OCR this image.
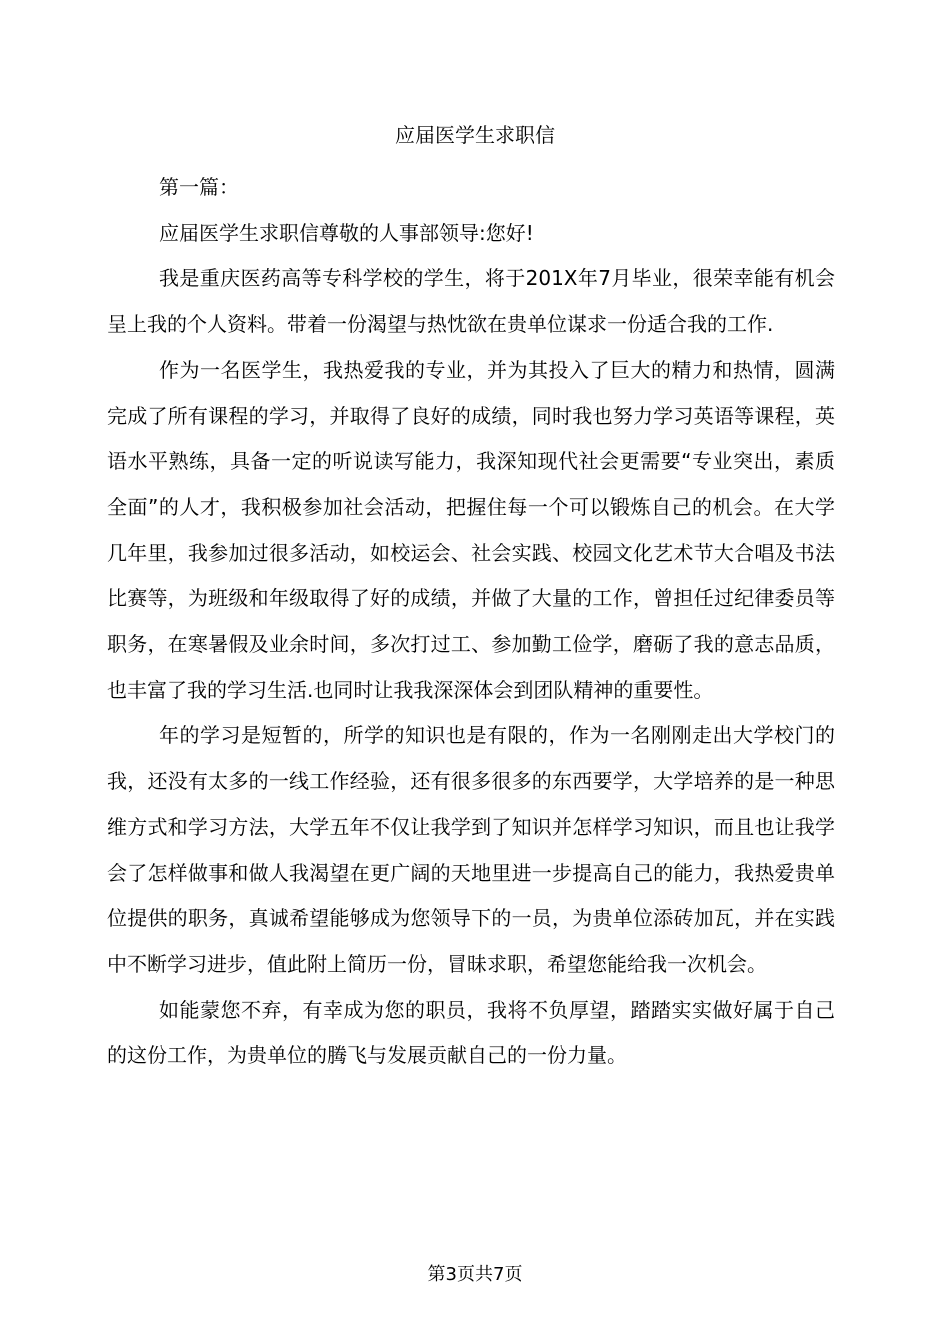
应届医学生求职信

第一篇：

应届医学生求职信尊敬的人事部领导:您好!

我是重庆医药高等专科学校的学生，将于201X年7月毕业，很荣幸能有机会呈上我的个人资料。带着一份渴望与热忱欲在贵单位谋求一份适合我的工作.

作为一名医学生，我热爱我的专业，并为其投入了巨大的精力和热情，圆满完成了所有课程的学习，并取得了良好的成绩，同时我也努力学习英语等课程，英语水平熟练，具备一定的听说读写能力，我深知现代社会更需要“专业突出，素质全面”的人才，我积极参加社会活动，把握住每一个可以锻炼自己的机会。在大学几年里，我参加过很多活动，如校运会、社会实践、校园文化艺术节大合唱及书法比赛等，为班级和年级取得了好的成绩，并做了大量的工作，曾担任过纪律委员等职务，在寒暑假及业余时间，多次打过工、参加勤工俭学，磨砺了我的意志品质，也丰富了我的学习生活.也同时让我我深深体会到团队精神的重要性。

年的学习是短暂的，所学的知识也是有限的，作为一名刚刚走出大学校门的我，还没有太多的一线工作经验，还有很多很多的东西要学，大学培养的是一种思维方式和学习方法，大学五年不仅让我学到了知识并怎样学习知识，而且也让我学会了怎样做事和做人我渴望在更广阔的天地里进一步提高自己的能力，我热爱贵单位提供的职务，真诚希望能够成为您领导下的一员，为贵单位添砖加瓦，并在实践中不断学习进步，值此附上简历一份，冒昧求职，希望您能给我一次机会。

如能蒙您不弃，有幸成为您的职员，我将不负厚望，踏踏实实做好属于自己的这份工作，为贵单位的腾飞与发展贡献自己的一份力量。

第3页共7页
